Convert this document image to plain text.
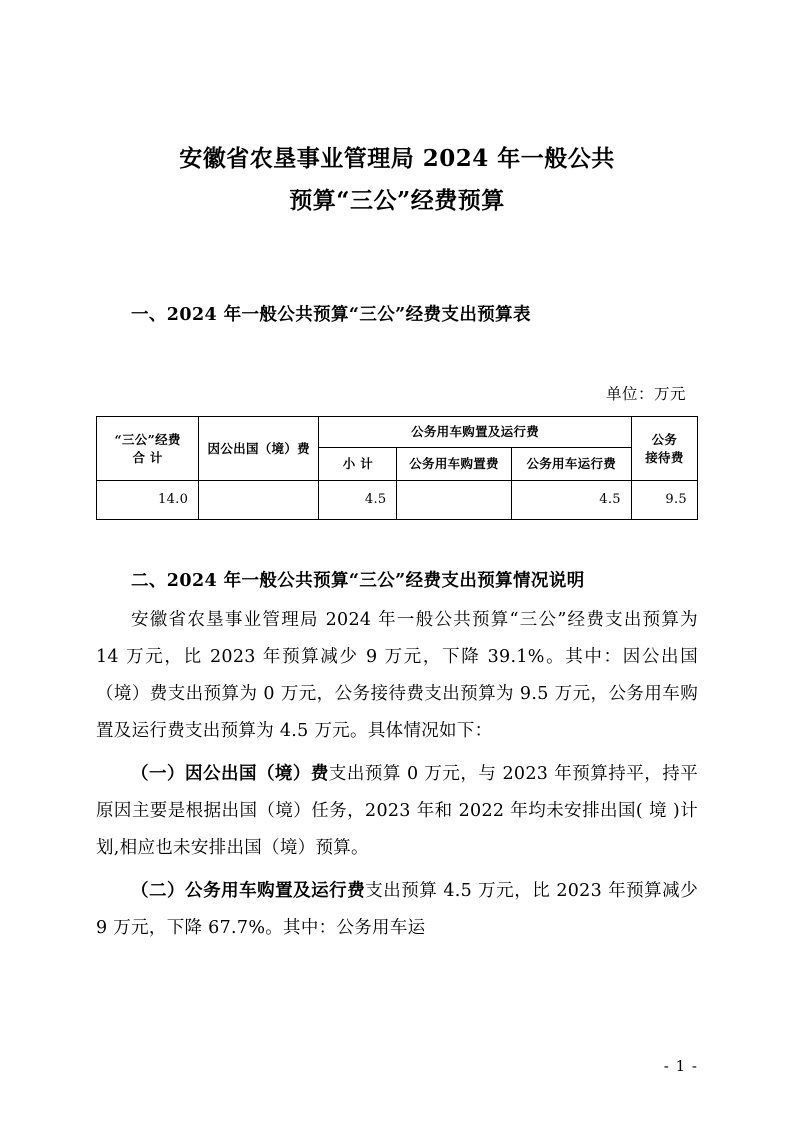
安徽省农垦事业管理局 2024 年一般公共
预算“三公”经费预算
一、2024 年一般公共预算“三公”经费支出预算表
单位：万元
“三公”经费
合 计	因公出国（境）费	公务用车购置及运行费			公务
接待费

		小 计	公务用车购置费	公务用车运行费	
14.0		4.5		4.5	9.5
二、2024 年一般公共预算“三公”经费支出预算情况说明

安徽省农垦事业管理局 2024 年一般公共预算“三公”经费支出预算为 14 万元，比 2023 年预算减少 9 万元，下降 39.1%。其中：因公出国（境）费支出预算为 0 万元，公务接待费支出预算为 9.5 万元，公务用车购置及运行费支出预算为 4.5 万元。具体情况如下：

（一）因公出国（境）费支出预算 0 万元，与 2023 年预算持平，持平原因主要是根据出国（境）任务，2023 年和 2022 年均未安排出国( 境 )计划,相应也未安排出国（境）预算。

（二）公务用车购置及运行费支出预算 4.5 万元，比 2023 年预算减少 9 万元，下降 67.7%。其中：公务用车运

- 1 -
